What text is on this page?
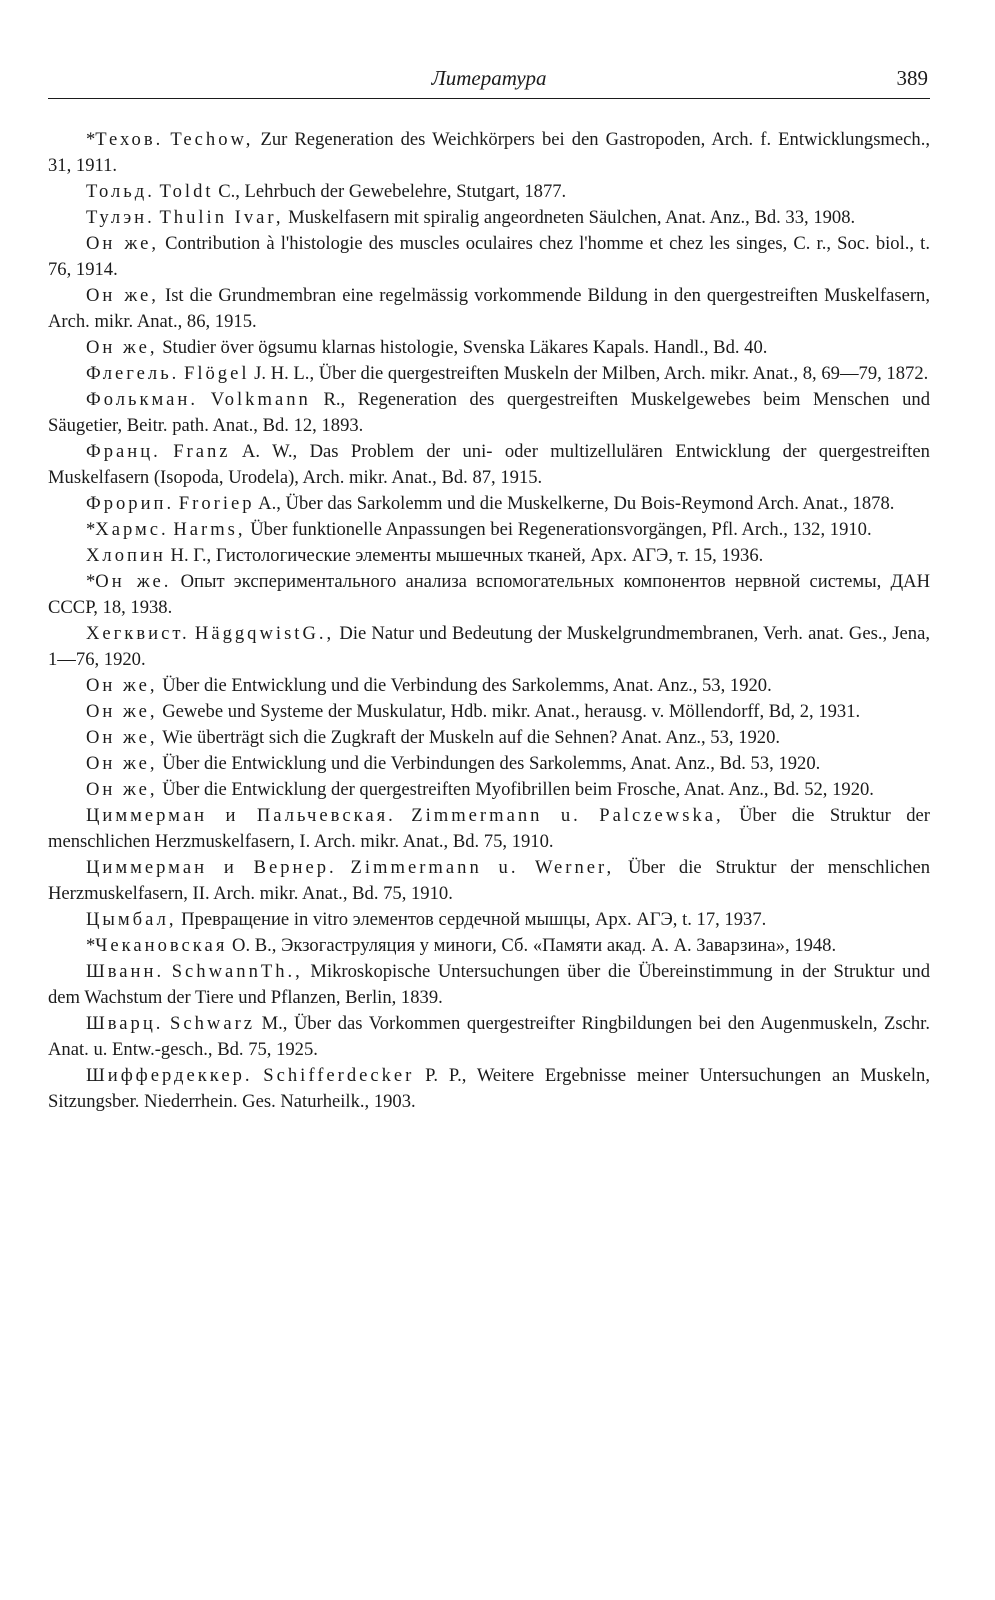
Литература	389

*Техов. Techow, Zur Regeneration des Weichkörpers bei den Gastropoden, Arch. f. Entwicklungsmech., 31, 1911.

Тольд. Toldt C., Lehrbuch der Gewebelehre, Stutgart, 1877.

Тулэн. Thulin Ivar, Muskelfasern mit spiralig angeordneten Säulchen, Anat. Anz., Bd. 33, 1908.

Он же, Contribution à l'histologie des muscles oculaires chez l'homme et chez les singes, C. r., Soc. biol., t. 76, 1914.

Он же, Ist die Grundmembran eine regelmässig vorkommende Bildung in den quergestreiften Muskelfasern, Arch. mikr. Anat., 86, 1915.

Он же, Studier över ögsumu klarnas histologie, Svenska Läkares Kapals. Handl., Bd. 40.

Флегель. Flögel J. H. L., Über die quergestreiften Muskeln der Milben, Arch. mikr. Anat., 8, 69—79, 1872.

Фолькман. Volkmann R., Regeneration des quergestreiften Muskelgewebes beim Menschen und Säugetier, Beitr. path. Anat., Bd. 12, 1893.

Франц. Franz A. W., Das Problem der uni- oder multizellulären Entwicklung der quergestreiften Muskelfasern (Isopoda, Urodela), Arch. mikr. Anat., Bd. 87, 1915.

Фрорип. Froriep A., Über das Sarkolemm und die Muskelkerne, Du Bois-Reymond Arch. Anat., 1878.

*Хармс. Harms, Über funktionelle Anpassungen bei Regenerationsvorgängen, Pfl. Arch., 132, 1910.

Хлопин Н. Г., Гистологические элементы мышечных тканей, Арх. АГЭ, т. 15, 1936.

*Он же. Опыт экспериментального анализа вспомогательных компонентов нервной системы, ДАН СССР, 18, 1938.

Хегквист. HäggqwistG., Die Natur und Bedeutung der Muskelgrundmembranen, Verh. anat. Ges., Jena, 1—76, 1920.

Он же, Über die Entwicklung und die Verbindung des Sarkolemms, Anat. Anz., 53, 1920.

Он же, Gewebe und Systeme der Muskulatur, Hdb. mikr. Anat., herausg. v. Möllendorff, Bd, 2, 1931.

Он же, Wie überträgt sich die Zugkraft der Muskeln auf die Sehnen? Anat. Anz., 53, 1920.

Он же, Über die Entwicklung und die Verbindungen des Sarkolemms, Anat. Anz., Bd. 53, 1920.

Он же, Über die Entwicklung der quergestreiften Myofibrillen beim Frosche, Anat. Anz., Bd. 52, 1920.

Циммерман и Пальчевская. Zimmermann u. Palczewska, Über die Struktur der menschlichen Herzmuskelfasern, I. Arch. mikr. Anat., Bd. 75, 1910.

Циммерман и Вернер. Zimmermann u. Werner, Über die Struktur der menschlichen Herzmuskelfasern, II. Arch. mikr. Anat., Bd. 75, 1910.

Цымбал, Превращение in vitro элементов сердечной мышцы, Арх. АГЭ, t. 17, 1937.

*Чекановская О. В., Экзогаструляция у миноги, Сб. «Памяти акад. А. А. Заварзина», 1948.

Шванн. SchwannTh., Mikroskopische Untersuchungen über die Übereinstimmung in der Struktur und dem Wachstum der Tiere und Pflanzen, Berlin, 1839.

Шварц. Schwarz M., Über das Vorkommen quergestreifter Ringbildungen bei den Augenmuskeln, Zschr. Anat. u. Entw.-gesch., Bd. 75, 1925.

Шиффердеккер. Schifferdecker P. P., Weitere Ergebnisse meiner Untersuchungen an Muskeln, Sitzungsber. Niederrhein. Ges. Naturheilk., 1903.
